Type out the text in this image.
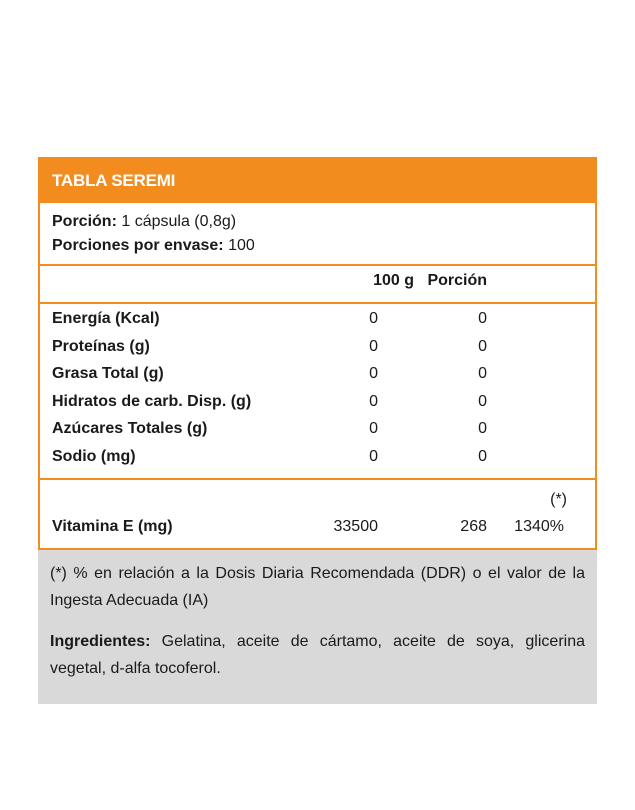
TABLA SEREMI
Porción: 1 cápsula (0,8g)
Porciones por envase: 100
100 g Porción
Energía (Kcal)	0	0
Proteínas (g)	0	0
Grasa Total (g)	0	0
Hidratos de carb. Disp. (g)	0	0
Azúcares Totales (g)	0	0
Sodio (mg)	0	0
(*)
Vitamina E (mg)	33500	268 1340%

(*) % en relación a la Dosis Diaria Recomendada (DDR) o el valor de la Ingesta Adecuada (IA)

Ingredientes: Gelatina, aceite de cártamo, aceite de soya, glicerina vegetal, d-alfa tocoferol.
